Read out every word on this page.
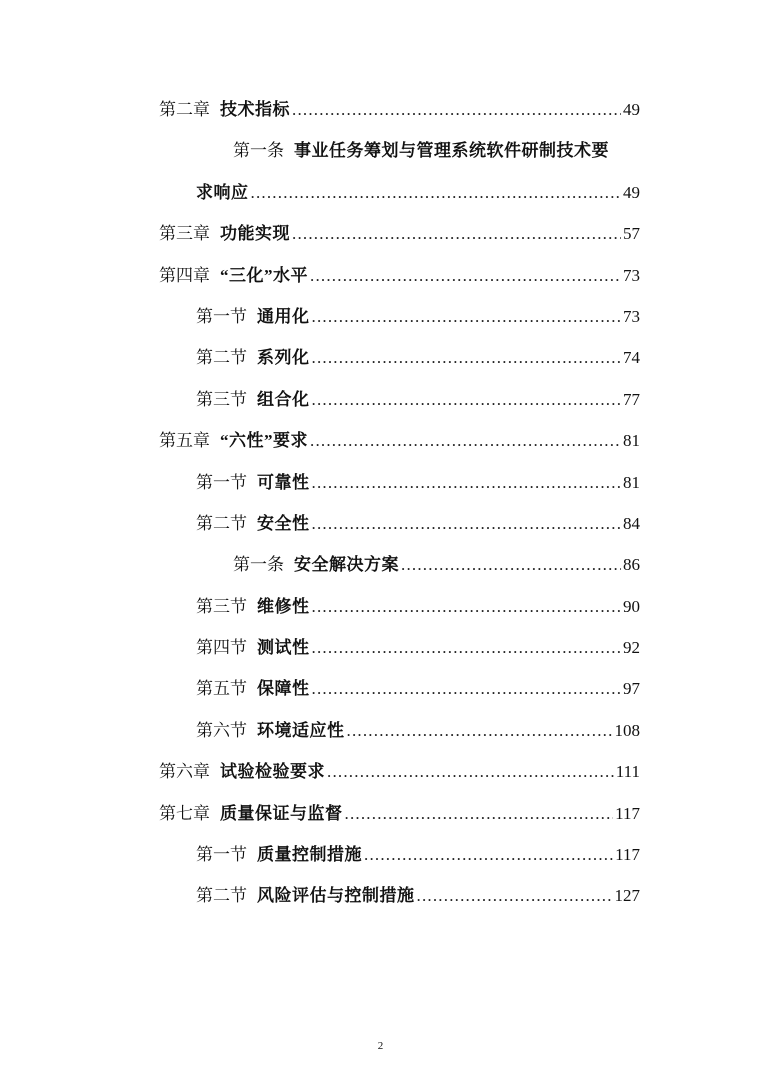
第二章 技术指标 .....	49
第一条 事业任务筹划与管理系统软件研制技术要
求响应 .....	49
第三章 功能实现 .....	57
第四章 “三化”水平 .....	73
第一节 通用化 .....	73
第二节 系列化 .....	74
第三节 组合化 .....	77
第五章 “六性”要求 .....	81
第一节 可靠性 .....	81
第二节 安全性 .....	84
第一条 安全解决方案 .....	86
第三节 维修性 .....	90
第四节 测试性 .....	92
第五节 保障性 .....	97
第六节 环境适应性 .....	108
第六章 试验检验要求 .....	111
第七章 质量保证与监督 .....	117
第一节 质量控制措施 .....	117
第二节 风险评估与控制措施 .....	127
2
